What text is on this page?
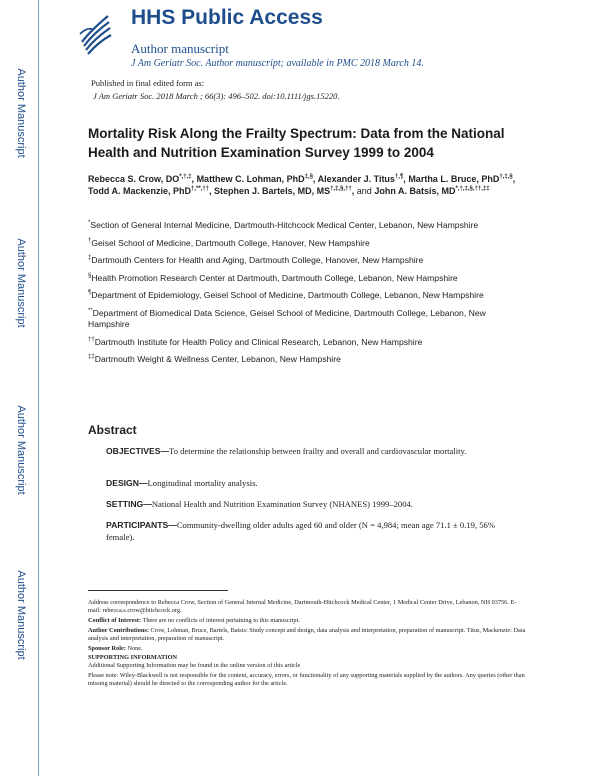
Author Manuscript
Author Manuscript
Author Manuscript
Author Manuscript
HHS Public Access
Author manuscript
J Am Geriatr Soc. Author manuscript; available in PMC 2018 March 14.
Published in final edited form as:
J Am Geriatr Soc. 2018 March ; 66(3): 496–502. doi:10.1111/jgs.15220.
Mortality Risk Along the Frailty Spectrum: Data from the National Health and Nutrition Examination Survey 1999 to 2004
Rebecca S. Crow, DO*,†,‡, Matthew C. Lohman, PhD‡,§, Alexander J. Titus†,¶, Martha L. Bruce, PhD†,‡,§, Todd A. Mackenzie, PhD†,**,††, Stephen J. Bartels, MD, MS†,‡,§,††, and John A. Batsis, MD*,†,‡,§,††,‡‡
*Section of General Internal Medicine, Dartmouth-Hitchcock Medical Center, Lebanon, New Hampshire
†Geisel School of Medicine, Dartmouth College, Hanover, New Hampshire
‡Dartmouth Centers for Health and Aging, Dartmouth College, Hanover, New Hampshire
§Health Promotion Research Center at Dartmouth, Dartmouth College, Lebanon, New Hampshire
¶Department of Epidemiology, Geisel School of Medicine, Dartmouth College, Lebanon, New Hampshire
**Department of Biomedical Data Science, Geisel School of Medicine, Dartmouth College, Lebanon, New Hampshire
††Dartmouth Institute for Health Policy and Clinical Research, Lebanon, New Hampshire
‡‡Dartmouth Weight & Wellness Center, Lebanon, New Hampshire
Abstract
OBJECTIVES—To determine the relationship between frailty and overall and cardiovascular mortality.
DESIGN—Longitudinal mortality analysis.
SETTING—National Health and Nutrition Examination Survey (NHANES) 1999–2004.
PARTICIPANTS—Community-dwelling older adults aged 60 and older (N = 4,984; mean age 71.1 ± 0.19, 56% female).

Address correspondence to Rebecca Crow, Section of General Internal Medicine, Dartmouth-Hitchcock Medical Center, 1 Medical Center Drive, Lebanon, NH 03756. E-mail: rebecca.s.crow@hitchcock.org.

Conflict of Interest: There are no conflicts of interest pertaining to this manuscript.

Author Contributions: Crow, Lohman, Bruce, Bartels, Batsis: Study concept and design, data analysis and interpretation, preparation of manuscript. Titus, Mackenzie: Data analysis and interpretation, preparation of manuscript.

Sponsor Role: None.

SUPPORTING INFORMATION

Additional Supporting Information may be found in the online version of this article

Please note: Wiley-Blackwell is not responsible for the content, accuracy, errors, or functionality of any supporting materials supplied by the authors. Any queries (other than missing material) should be directed to the corresponding author for the article.
